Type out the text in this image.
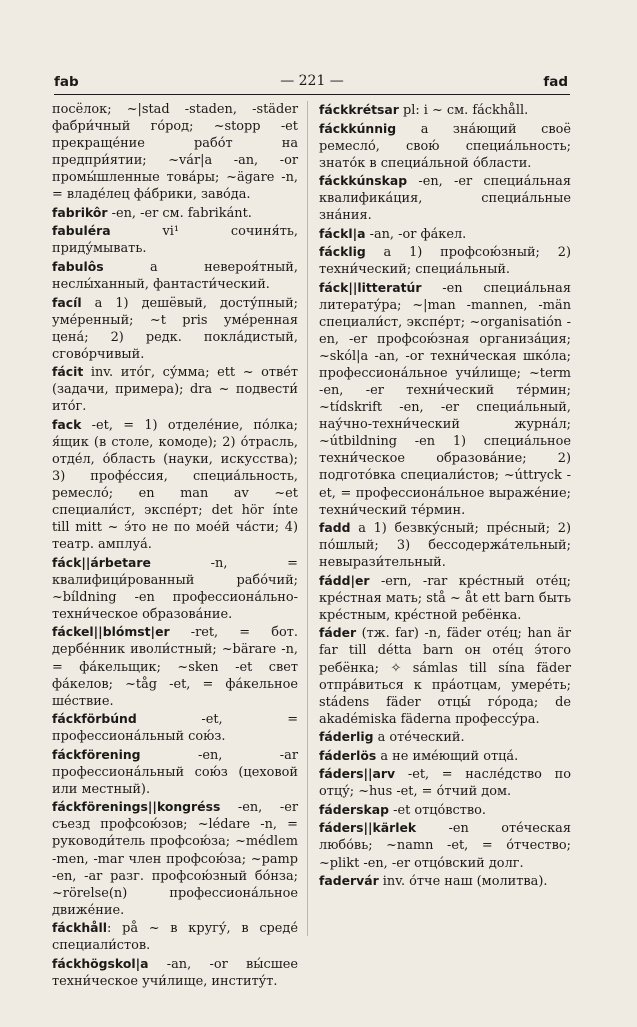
fab	— 221 —	fad

посёлок; ~|stad -staden, -städer фабри́чный го́род; ~stopp -et прекраще́ние рабо́т на предпри́ятии; ~vár|a -an, -or промы́шленные това́ры; ~ägare -n, = владе́лец фа́брики, заво́да.

fabrikôr -en, -er см. fabrikánt.

fabuléra vi¹ сочиня́ть, приду́мывать.

fabulôs a невероя́тный, неслы́ханный, фантасти́ческий.

facíl a 1) дешёвый, досту́пный; уме́ренный; ~t pris уме́ренная цена́; 2) редк. покла́дистый, сгово́рчивый.

fácit inv. ито́г, су́мма; ett ~ отве́т (задачи, примера); dra ~ подвести́ ито́г.

fack -et, = 1) отделе́ние, по́лка; я́щик (в столе, комоде); 2) о́трасль, отде́л, о́бласть (науки, искусства); 3) профе́ссия, специа́льность, ремесло́; en man av ~et специали́ст, экспе́рт; det hör ínte till mitt ~ э́то не по мое́й ча́сти; 4) театр. амплуа́.

fáck||árbetare -n, = квалифици́рованный рабо́чий; ~bíldning -en профессиона́льно-техни́ческое образова́ние.

fáckel||blómst|er -ret, = бот. дербе́нник иволи́стный; ~bärare -n, = фа́кельщик; ~sken -et свет фа́келов; ~tåg -et, = фа́кельное ше́ствие.

fáckförbúnd -et, = профессиона́льный сою́з.

fáckförening -en, -ar профессиона́льный сою́з (цеховой или местный).

fáckförenings||kongréss -en, -er съезд профсою́зов; ~lédare -n, = руководи́тель профсою́за; ~médlem -men, -mar член профсою́за; ~pamp -en, -ar разг. профсою́зный бо́нза; ~rörelse(n) профессиона́льное движе́ние.

fáckhåll: på ~ в кругу́, в среде́ специали́стов.

fáckhögskol|a -an, -or вы́сшее техни́ческое учи́лище, институ́т.

fáckkrétsar pl: i ~ см. fáckhåll.

fáckkúnnig a зна́ющий своё ремесло́, свою́ специа́льность; знато́к в специа́льной о́бласти.

fáckkúnskap -en, -er специа́льная квалифика́ция, специа́льные зна́ния.

fáckl|a -an, -or фа́кел.

fácklig a 1) профсою́зный; 2) техни́ческий; специа́льный.

fáck||litteratúr -en специа́льная литерату́ра; ~|man -mannen, -män специали́ст, экспе́рт; ~organisatión -en, -er профсою́зная организа́ция; ~skól|a -an, -or техни́ческая шко́ла; профессиона́льное учи́лище; ~term -en, -er техни́ческий те́рмин; ~tídskrift -en, -er специа́льный, нау́чно-техни́ческий журна́л; ~útbildning -en 1) специа́льное техни́ческое образова́ние; 2) подгото́вка специали́стов; ~úttryck -et, = профессиона́льное выраже́ние; техни́ческий те́рмин.

fadd a 1) безвку́сный; пре́сный; 2) по́шлый; 3) бессодержа́тельный; невырази́тельный.

fádd|er -ern, -rar кре́стный оте́ц; кре́стная мать; stå ~ åt ett barn быть кре́стным, кре́стной ребёнка.

fáder (тж. far) -n, fäder оте́ц; han är far till détta barn он оте́ц э́того ребёнка; ✧ sámlas till sína fäder отпра́виться к пра́отцам, умере́ть; stádens fäder отцы́ го́рода; de akadémiska fäderna профессу́ра.

fáderlig a оте́ческий.

fáderlös a не име́ющий отца́.

fáders||arv -et, = насле́дство по отцу́; ~hus -et, = о́тчий дом.

fáderskap -et отцо́вство.

fáders||kärlek -en оте́ческая любо́вь; ~namn -et, = о́тчество; ~plikt -en, -er отцо́вский долг.

fadervár inv. о́тче наш (молитва).
